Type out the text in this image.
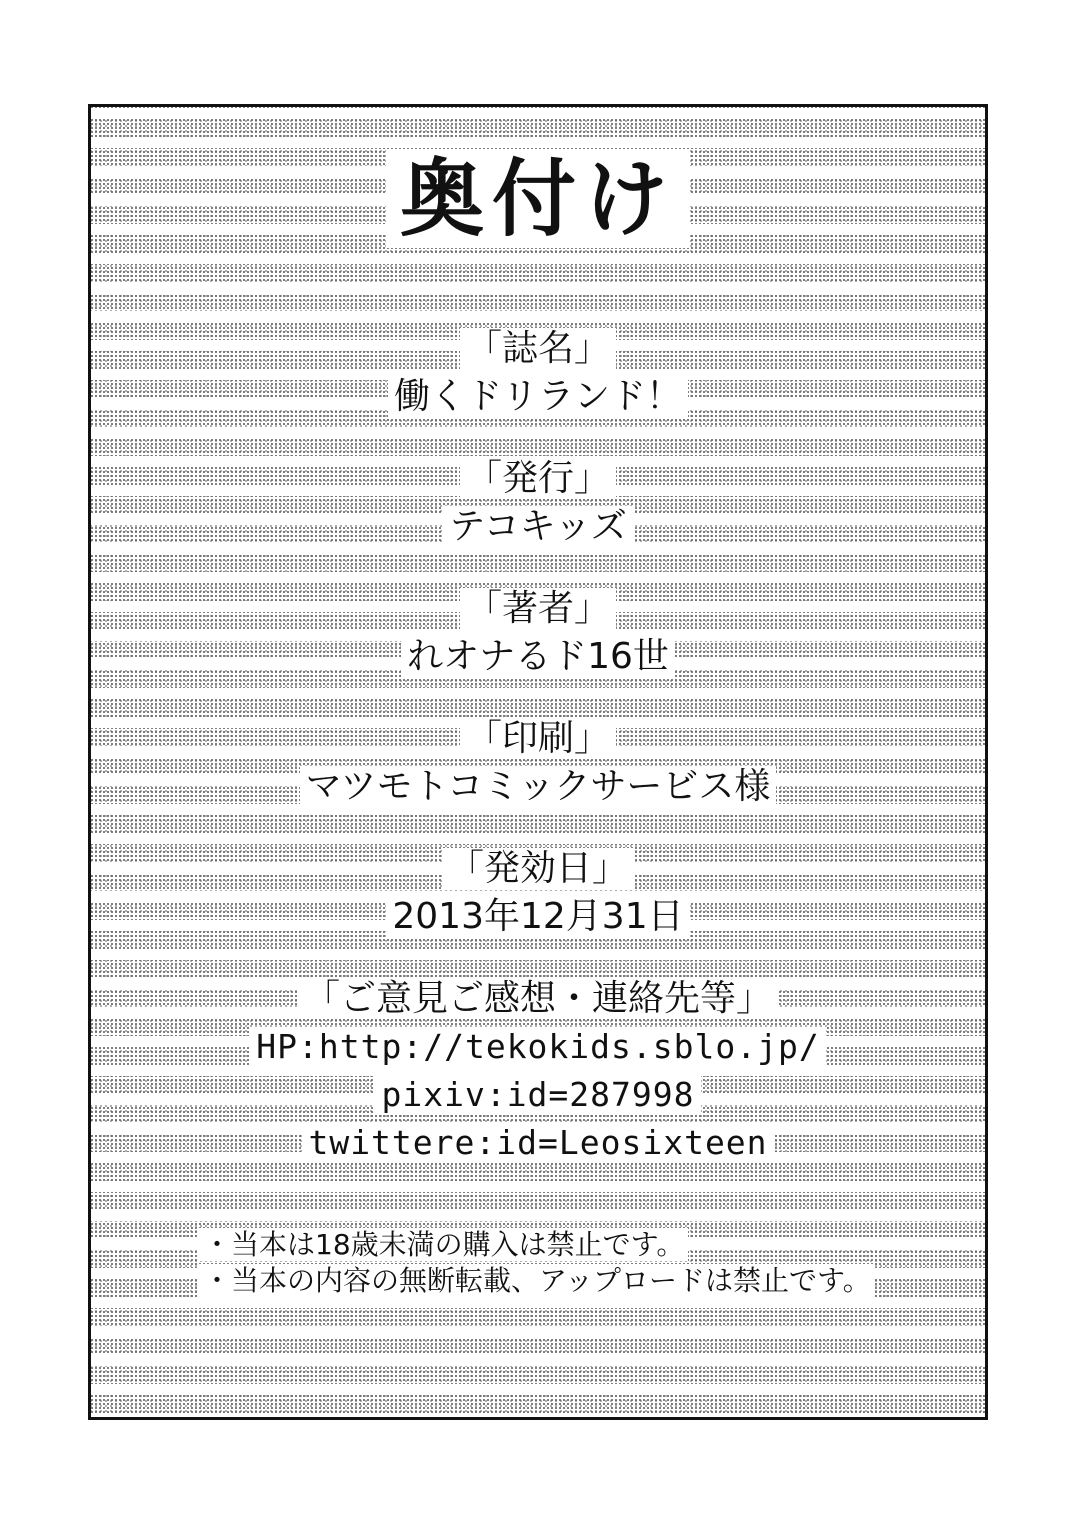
奥付け
「誌名」
働くドリランド！
「発行」
テコキッズ
「著者」
れオナるド16世
「印刷」
マツモトコミックサービス様
「発効日」
2013年12月31日
「ご意見ご感想・連絡先等」
HP:http://tekokids.sblo.jp/
pixiv:id=287998
twittere:id=Leosixteen
・当本は18歳未満の購入は禁止です。
・当本の内容の無断転載、アップロードは禁止です。
